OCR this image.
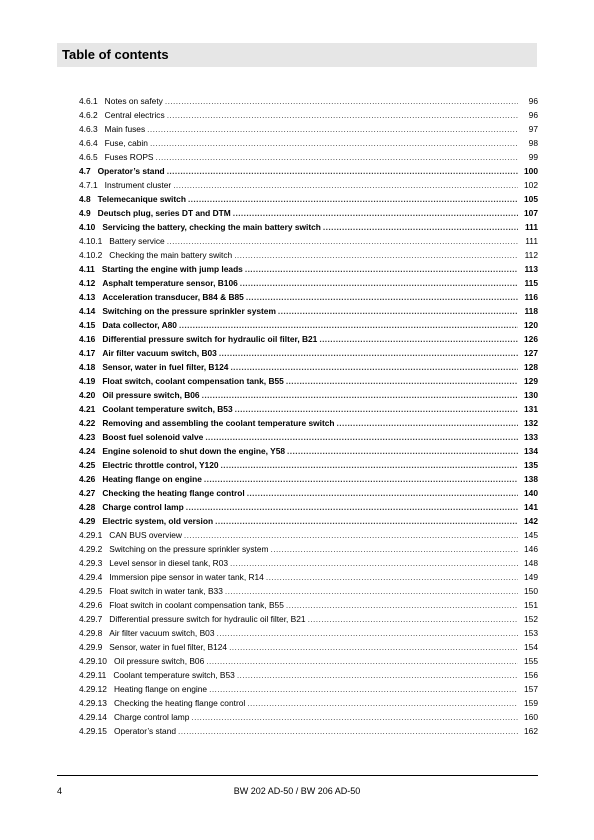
Table of contents
4.6.1 Notes on safety .....	96
4.6.2 Central electrics .....	96
4.6.3 Main fuses .....	97
4.6.4 Fuse, cabin .....	98
4.6.5 Fuses ROPS .....	99
4.7 Operator’s stand .....	100
4.7.1 Instrument cluster .....	102
4.8 Telemecanique switch .....	105
4.9 Deutsch plug, series DT and DTM .....	107
4.10 Servicing the battery, checking the main battery switch .....	111
4.10.1 Battery service .....	111
4.10.2 Checking the main battery switch .....	112
4.11 Starting the engine with jump leads .....	113
4.12 Asphalt temperature sensor, B106 .....	115
4.13 Acceleration transducer, B84 & B85 .....	116
4.14 Switching on the pressure sprinkler system .....	118
4.15 Data collector, A80 .....	120
4.16 Differential pressure switch for hydraulic oil filter, B21 .....	126
4.17 Air filter vacuum switch, B03 .....	127
4.18 Sensor, water in fuel filter, B124 .....	128
4.19 Float switch, coolant compensation tank, B55 .....	129
4.20 Oil pressure switch, B06 .....	130
4.21 Coolant temperature switch, B53 .....	131
4.22 Removing and assembling the coolant temperature switch .....	132
4.23 Boost fuel solenoid valve .....	133
4.24 Engine solenoid to shut down the engine, Y58 .....	134
4.25 Electric throttle control, Y120 .....	135
4.26 Heating flange on engine .....	138
4.27 Checking the heating flange control .....	140
4.28 Charge control lamp .....	141
4.29 Electric system, old version .....	142
4.29.1 CAN BUS overview .....	145
4.29.2 Switching on the pressure sprinkler system .....	146
4.29.3 Level sensor in diesel tank, R03 .....	148
4.29.4 Immersion pipe sensor in water tank, R14 .....	149
4.29.5 Float switch in water tank, B33 .....	150
4.29.6 Float switch in coolant compensation tank, B55 .....	151
4.29.7 Differential pressure switch for hydraulic oil filter, B21 .....	152
4.29.8 Air filter vacuum switch, B03 .....	153
4.29.9 Sensor, water in fuel filter, B124 .....	154
4.29.10 Oil pressure switch, B06 .....	155
4.29.11 Coolant temperature switch, B53 .....	156
4.29.12 Heating flange on engine .....	157
4.29.13 Checking the heating flange control .....	159
4.29.14 Charge control lamp .....	160
4.29.15 Operator’s stand .....	162
4	BW 202 AD-50 / BW 206 AD-50
